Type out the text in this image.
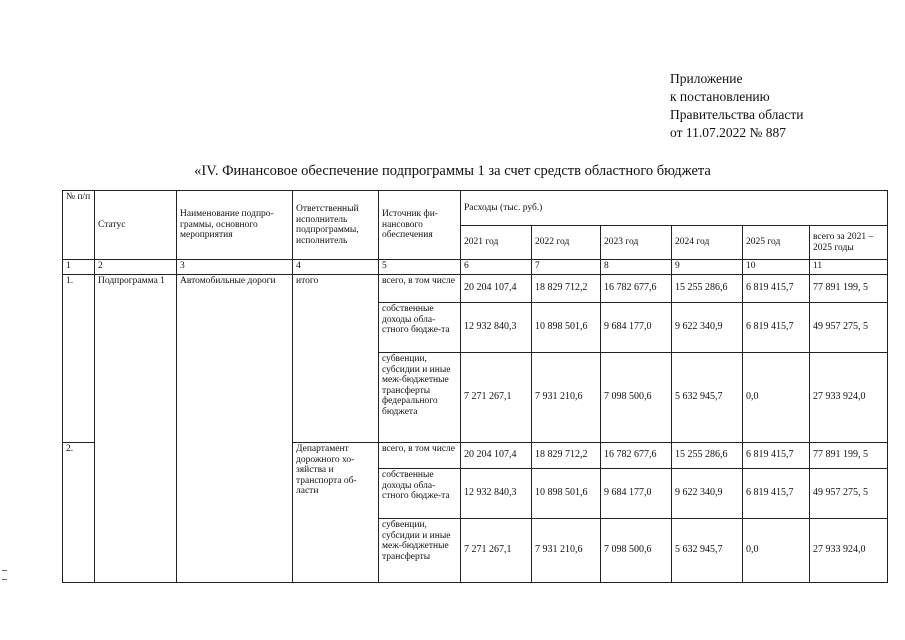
Приложение
к постановлению
Правительства области
от 11.07.2022 № 887
«IV. Финансовое обеспечение подпрограммы 1 за счет средств областного бюджета
№ п/п	Статус	Наименование подпро-граммы, основного мероприятия	Ответственный исполнитель подпрограммы, исполнитель	Источник фи-нансового обеспечения	Расходы (тыс. руб.)					
					2021 год	2022 год	2023 год	2024 год	2025 год	всего за 2021 – 2025 годы
1	2	3	4	5	6	7	8	9	10	11
1.	Подпрограмма 1	Автомобильные дороги	итого	всего, в том числе	20 204 107,4	18 829 712,2	16 782 677,6	15 255 286,6	6 819 415,7	77 891 199, 5
				собственные доходы обла-стного бюдже-та	12 932 840,3	10 898 501,6	9 684 177,0	9 622 340,9	6 819 415,7	49 957 275, 5
				субвенции, субсидии и иные меж-бюджетные трансферты федерального бюджета	7 271 267,1	7 931 210,6	7 098 500,6	5 632 945,7	0,0	27 933 924,0
2.			Департамент дорожного хо-зяйства и транспорта об-ласти	всего, в том числе	20 204 107,4	18 829 712,2	16 782 677,6	15 255 286,6	6 819 415,7	77 891 199, 5
				собственные доходы обла-стного бюдже-та	12 932 840,3	10 898 501,6	9 684 177,0	9 622 340,9	6 819 415,7	49 957 275, 5
				субвенции, субсидии и иные меж-бюджетные трансферты	7 271 267,1	7 931 210,6	7 098 500,6	5 632 945,7	0,0	27 933 924,0
